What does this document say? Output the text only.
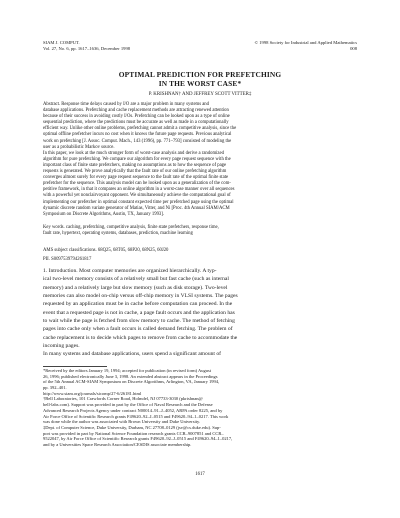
SIAM J. COMPUT.
Vol. 27, No. 6, pp. 1617–1636, December 1998
© 1998 Society for Industrial and Applied Mathematics
008
OPTIMAL PREDICTION FOR PREFETCHING
IN THE WORST CASE*
P. KRISHNAN† AND JEFFREY SCOTT VITTER‡
Abstract. Response time delays caused by I/O are a major problem in many systems and
database applications. Prefetching and cache replacement methods are attracting renewed attention
because of their success in avoiding costly I/Os. Prefetching can be looked upon as a type of online
sequential prediction, where the predictions must be accurate as well as made in a computationally
efficient way. Unlike other online problems, prefetching cannot admit a competitive analysis, since the
optimal offline prefetcher incurs no cost when it knows the future page requests. Previous analytical
work on prefetching [J. Assoc. Comput. Mach., 143 (1996), pp. 771–793] consisted of modeling the
user as a probabilistic Markov source.
In this paper, we look at the much stronger form of worst-case analysis and derive a randomized
algorithm for pure prefetching. We compare our algorithm for every page request sequence with the
important class of finite state prefetchers, making no assumptions as to how the sequence of page
requests is generated. We prove analytically that the fault rate of our online prefetching algorithm
converges almost surely for every page request sequence to the fault rate of the optimal finite state
prefetcher for the sequence. This analysis model can be looked upon as a generalization of the com-
petitive framework, in that it compares an online algorithm in a worst-case manner over all sequences
with a powerful yet nonclairvoyant opponent. We simultaneously achieve the computational goal of
implementing our prefetcher in optimal constant expected time per prefetched page using the optimal
dynamic discrete random variate generator of Matias, Vitter, and Ni [Proc. 4th Annual SIAM/ACM
Symposium on Discrete Algorithms, Austin, TX, January 1993].
Key words. caching, prefetching, competitive analysis, finite state prefetchers, response time,
fault rate, hypertext, operating systems, databases, prediction, machine learning
AMS subject classifications. 68Q25, 68T05, 68P20, 68N25, 60J20
PII. S0097539794261817
1. Introduction. Most computer memories are organized hierarchically. A typ-
ical two-level memory consists of a relatively small but fast cache (such as internal
memory) and a relatively large but slow memory (such as disk storage). Two-level
memories can also model on-chip versus off-chip memory in VLSI systems. The pages
requested by an application must be in cache before computation can proceed. In the
event that a requested page is not in cache, a page fault occurs and the application has
to wait while the page is fetched from slow memory to cache. The method of fetching
pages into cache only when a fault occurs is called demand fetching. The problem of
cache replacement is to decide which pages to remove from cache to accommodate the
incoming pages.
In many systems and database applications, users spend a significant amount of
*Received by the editors January 19, 1994; accepted for publication (in revised form) August
26, 1996; published electronically June 3, 1998. An extended abstract appears in the Proceedings
of the 5th Annual ACM-SIAM Symposium on Discrete Algorithms, Arlington, VA, January 1994,
pp. 392–401.
http://www.siam.org/journals/sicomp/27-6/26181.html
†Bell Laboratories, 101 Crawfords Corner Road, Holmdel, NJ 07733-3030 (pkrishnan@
bell-labs.com). Support was provided in part by the Office of Naval Research and the Defense
Advanced Research Projects Agency under contract N00014–91–J–4052, ARPA order 8225, and by
Air Force Office of Scientific Research grants F49620–92–J–0515 and F49620–94–1–0217. This work
was done while the author was associated with Brown University and Duke University.
‡Dept. of Computer Science, Duke University, Durham, NC 27708–0129 (jsv@cs.duke.edu). Sup-
port was provided in part by National Science Foundation research grants CCR–9007851 and CCR–
9522047, by Air Force Office of Scientific Research grants F49620–92–J–0515 and F49620–94–1–0217,
and by a Universities Space Research Association/CESDIS associate membership.
1617
